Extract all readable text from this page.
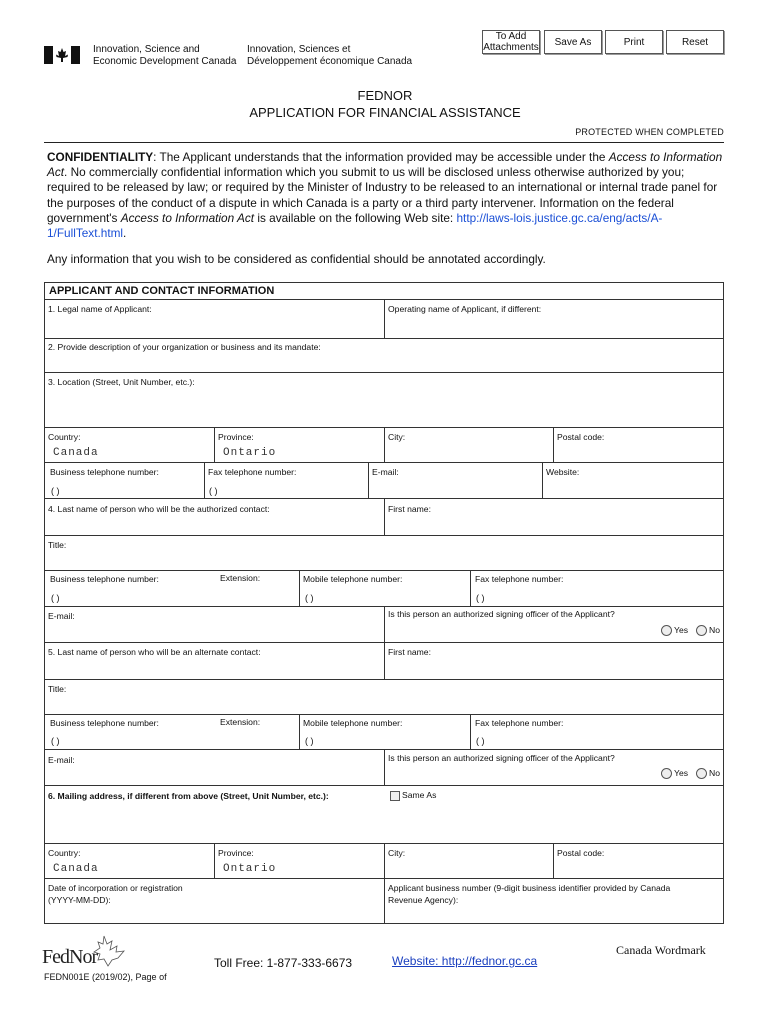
To Add Attachments Save As	Print	Reset
Innovation, Science and
Economic Development Canada
Innovation, Sciences et
Développement économique Canada
FEDNOR
APPLICATION FOR FINANCIAL ASSISTANCE
PROTECTED WHEN COMPLETED
CONFIDENTIALITY: The Applicant understands that the information provided may be accessible under the Access to Information Act. No commercially confidential information which you submit to us will be disclosed unless otherwise authorized by you; required to be released by law; or required by the Minister of Industry to be released to an international or internal trade panel for the purposes of the conduct of a dispute in which Canada is a party or a third party intervener. Information on the federal government's Access to Information Act is available on the following Web site: http://laws-lois.justice.gc.ca/eng/acts/A-1/FullText.html.
Any information that you wish to be considered as confidential should be annotated accordingly.
APPLICANT AND CONTACT INFORMATION
1. Legal name of Applicant:	Operating name of Applicant, if different:
2. Provide description of your organization or business and its mandate:
3. Location (Street, Unit Number, etc.):
Country:
Canada
Province:
Ontario
City:	Postal code:
Business telephone number:
( )
Fax telephone number:
( )
E-mail:	Website:
4. Last name of person who will be the authorized contact:	First name:
Title:
Business telephone number:	Extension:
( )
Mobile telephone number:
( )
Fax telephone number:
( )
E-mail:	Is this person an authorized signing officer of the Applicant?
Yes	No
5. Last name of person who will be an alternate contact:	First name:
Title:
Business telephone number:	Extension:
( )
Mobile telephone number:
( )
Fax telephone number:
( )
E-mail:	Is this person an authorized signing officer of the Applicant?
Yes	No
6. Mailing address, if different from above (Street, Unit Number, etc.):	Same As
Country:
Canada
Province:
Ontario
City:	Postal code:
Date of incorporation or registration
(YYYY-MM-DD):
Applicant business number (9-digit business identifier provided by Canada
Revenue Agency):
FedNor	Toll Free: 1-877-333-6673	Website: http://fednor.gc.ca
Canada Wordmark
FEDN001E (2019/02), Page of
